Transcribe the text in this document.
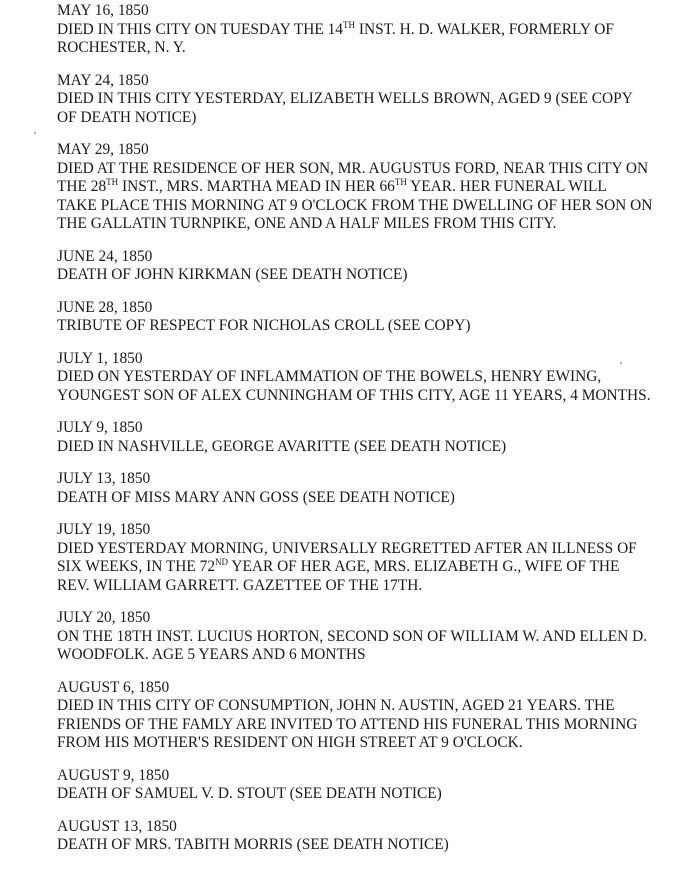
MAY 16, 1850
DIED IN THIS CITY ON TUESDAY THE 14TH INST. H. D. WALKER, FORMERLY OF
ROCHESTER, N. Y.
MAY 24, 1850
DIED IN THIS CITY YESTERDAY, ELIZABETH WELLS BROWN, AGED 9 (SEE COPY
OF DEATH NOTICE)
MAY 29, 1850
DIED AT THE RESIDENCE OF HER SON, MR. AUGUSTUS FORD, NEAR THIS CITY ON
THE 28TH INST., MRS. MARTHA MEAD IN HER 66TH YEAR. HER FUNERAL WILL
TAKE PLACE THIS MORNING AT 9 O'CLOCK FROM THE DWELLING OF HER SON ON
THE GALLATIN TURNPIKE, ONE AND A HALF MILES FROM THIS CITY.
JUNE 24, 1850
DEATH OF JOHN KIRKMAN (SEE DEATH NOTICE)
JUNE 28, 1850
TRIBUTE OF RESPECT FOR NICHOLAS CROLL (SEE COPY)
JULY 1, 1850
DIED ON YESTERDAY OF INFLAMMATION OF THE BOWELS, HENRY EWING,
YOUNGEST SON OF ALEX CUNNINGHAM OF THIS CITY, AGE 11 YEARS, 4 MONTHS.
JULY 9, 1850
DIED IN NASHVILLE, GEORGE AVARITTE (SEE DEATH NOTICE)
JULY 13, 1850
DEATH OF MISS MARY ANN GOSS (SEE DEATH NOTICE)
JULY 19, 1850
DIED YESTERDAY MORNING, UNIVERSALLY REGRETTED AFTER AN ILLNESS OF
SIX WEEKS, IN THE 72ND YEAR OF HER AGE, MRS. ELIZABETH G., WIFE OF THE
REV. WILLIAM GARRETT. GAZETTEE OF THE 17TH.
JULY 20, 1850
ON THE 18TH INST. LUCIUS HORTON, SECOND SON OF WILLIAM W. AND ELLEN D.
WOODFOLK. AGE 5 YEARS AND 6 MONTHS
AUGUST 6, 1850
DIED IN THIS CITY OF CONSUMPTION, JOHN N. AUSTIN, AGED 21 YEARS. THE
FRIENDS OF THE FAMLY ARE INVITED TO ATTEND HIS FUNERAL THIS MORNING
FROM HIS MOTHER'S RESIDENT ON HIGH STREET AT 9 O'CLOCK.
AUGUST 9, 1850
DEATH OF SAMUEL V. D. STOUT (SEE DEATH NOTICE)
AUGUST 13, 1850
DEATH OF MRS. TABITH MORRIS (SEE DEATH NOTICE)
